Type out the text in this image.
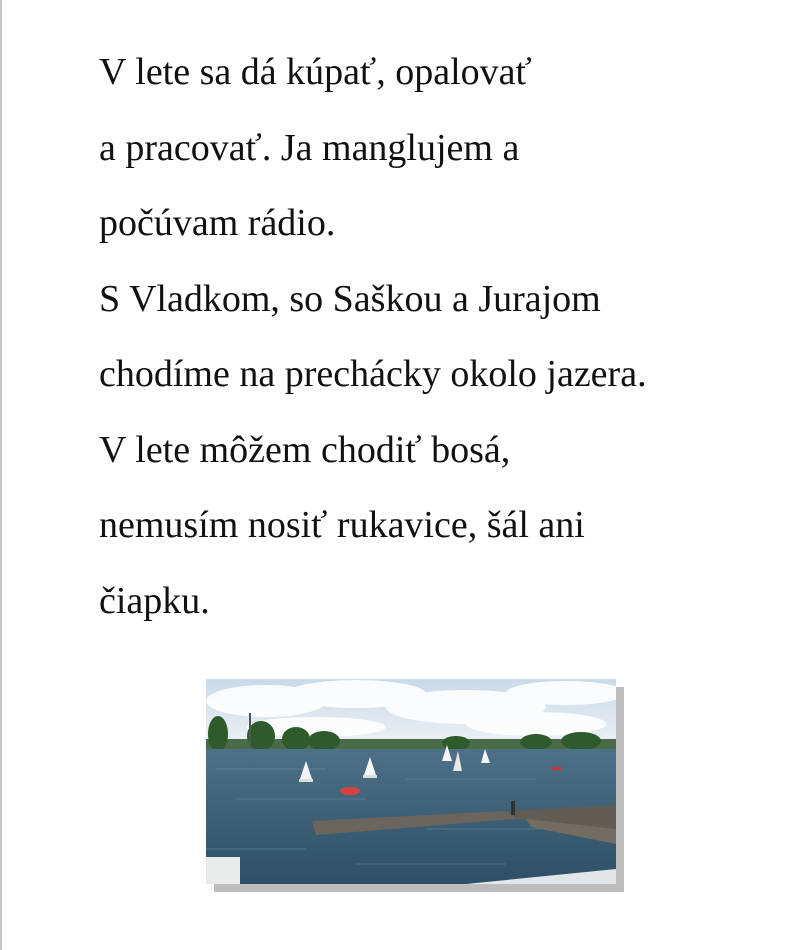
V lete sa dá kúpať, opalovať
a pracovať. Ja manglujem a
počúvam rádio.
S Vladkom, so Saškou a Jurajom
chodíme na prechácky okolo jazera.
V lete môžem chodiť bosá,
nemusím nosiť rukavice, šál ani
čiapku.
